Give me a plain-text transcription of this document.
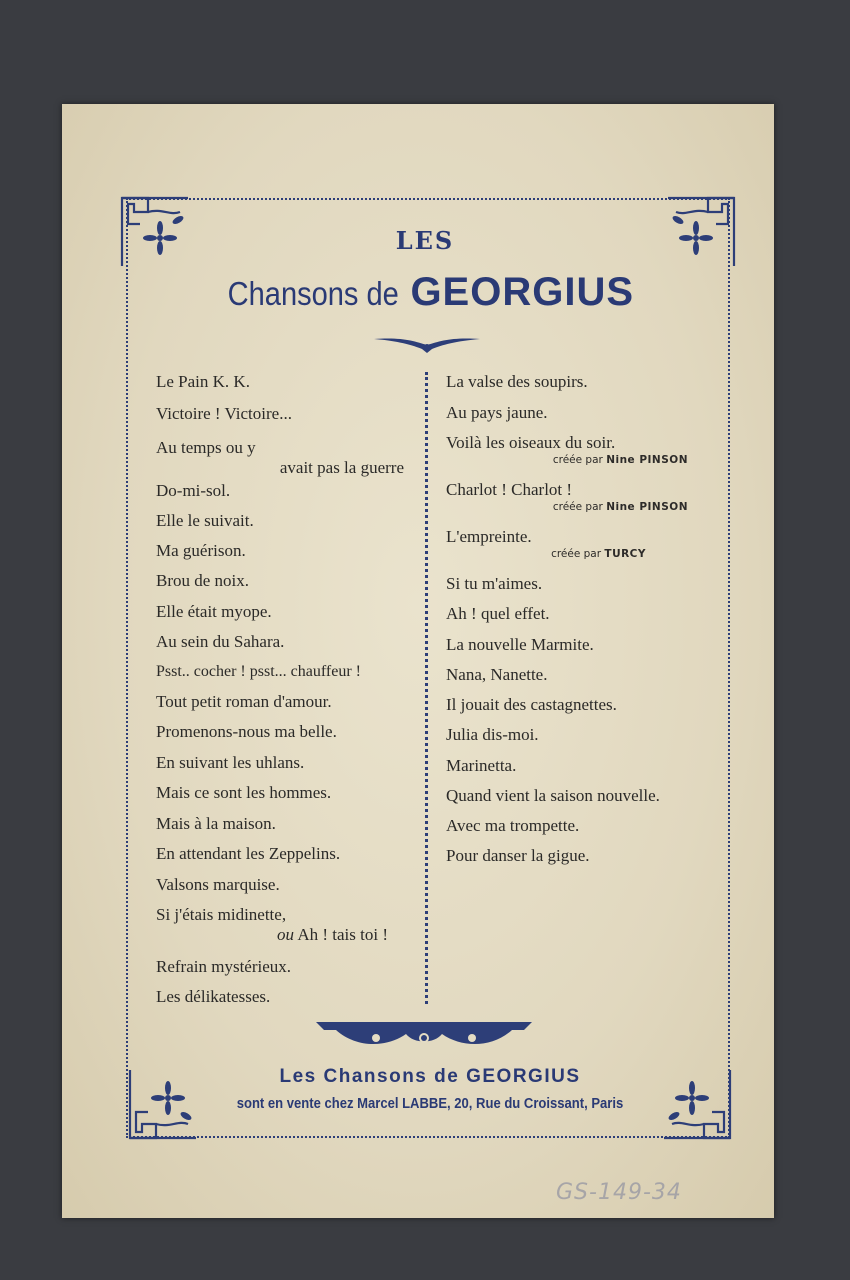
LES
Chansons deGEORGIUS
Le Pain K. K.
Victoire ! Victoire...
Au temps ou y
avait pas la guerre
Do-mi-sol.
Elle le suivait.
Ma guérison.
Brou de noix.
Elle était myope.
Au sein du Sahara.
Psst.. cocher ! psst... chauffeur !
Tout petit roman d'amour.
Promenons-nous ma belle.
En suivant les uhlans.
Mais ce sont les hommes.
Mais à la maison.
En attendant les Zeppelins.
Valsons marquise.
Si j'étais midinette,
ou Ah ! tais toi !
Refrain mystérieux.
Les délikatesses.
La valse des soupirs.
Au pays jaune.
Voilà les oiseaux du soir.
créée par Nine PINSON
Charlot ! Charlot !
créée par Nine PINSON
L'empreinte.
créée par TURCY
Si tu m'aimes.
Ah ! quel effet.
La nouvelle Marmite.
Nana, Nanette.
Il jouait des castagnettes.
Julia dis-moi.
Marinetta.
Quand vient la saison nouvelle.
Avec ma trompette.
Pour danser la gigue.
Les Chansons de GEORGIUS
sont en vente chez Marcel LABBE, 20, Rue du Croissant, Paris
GS-149-34
